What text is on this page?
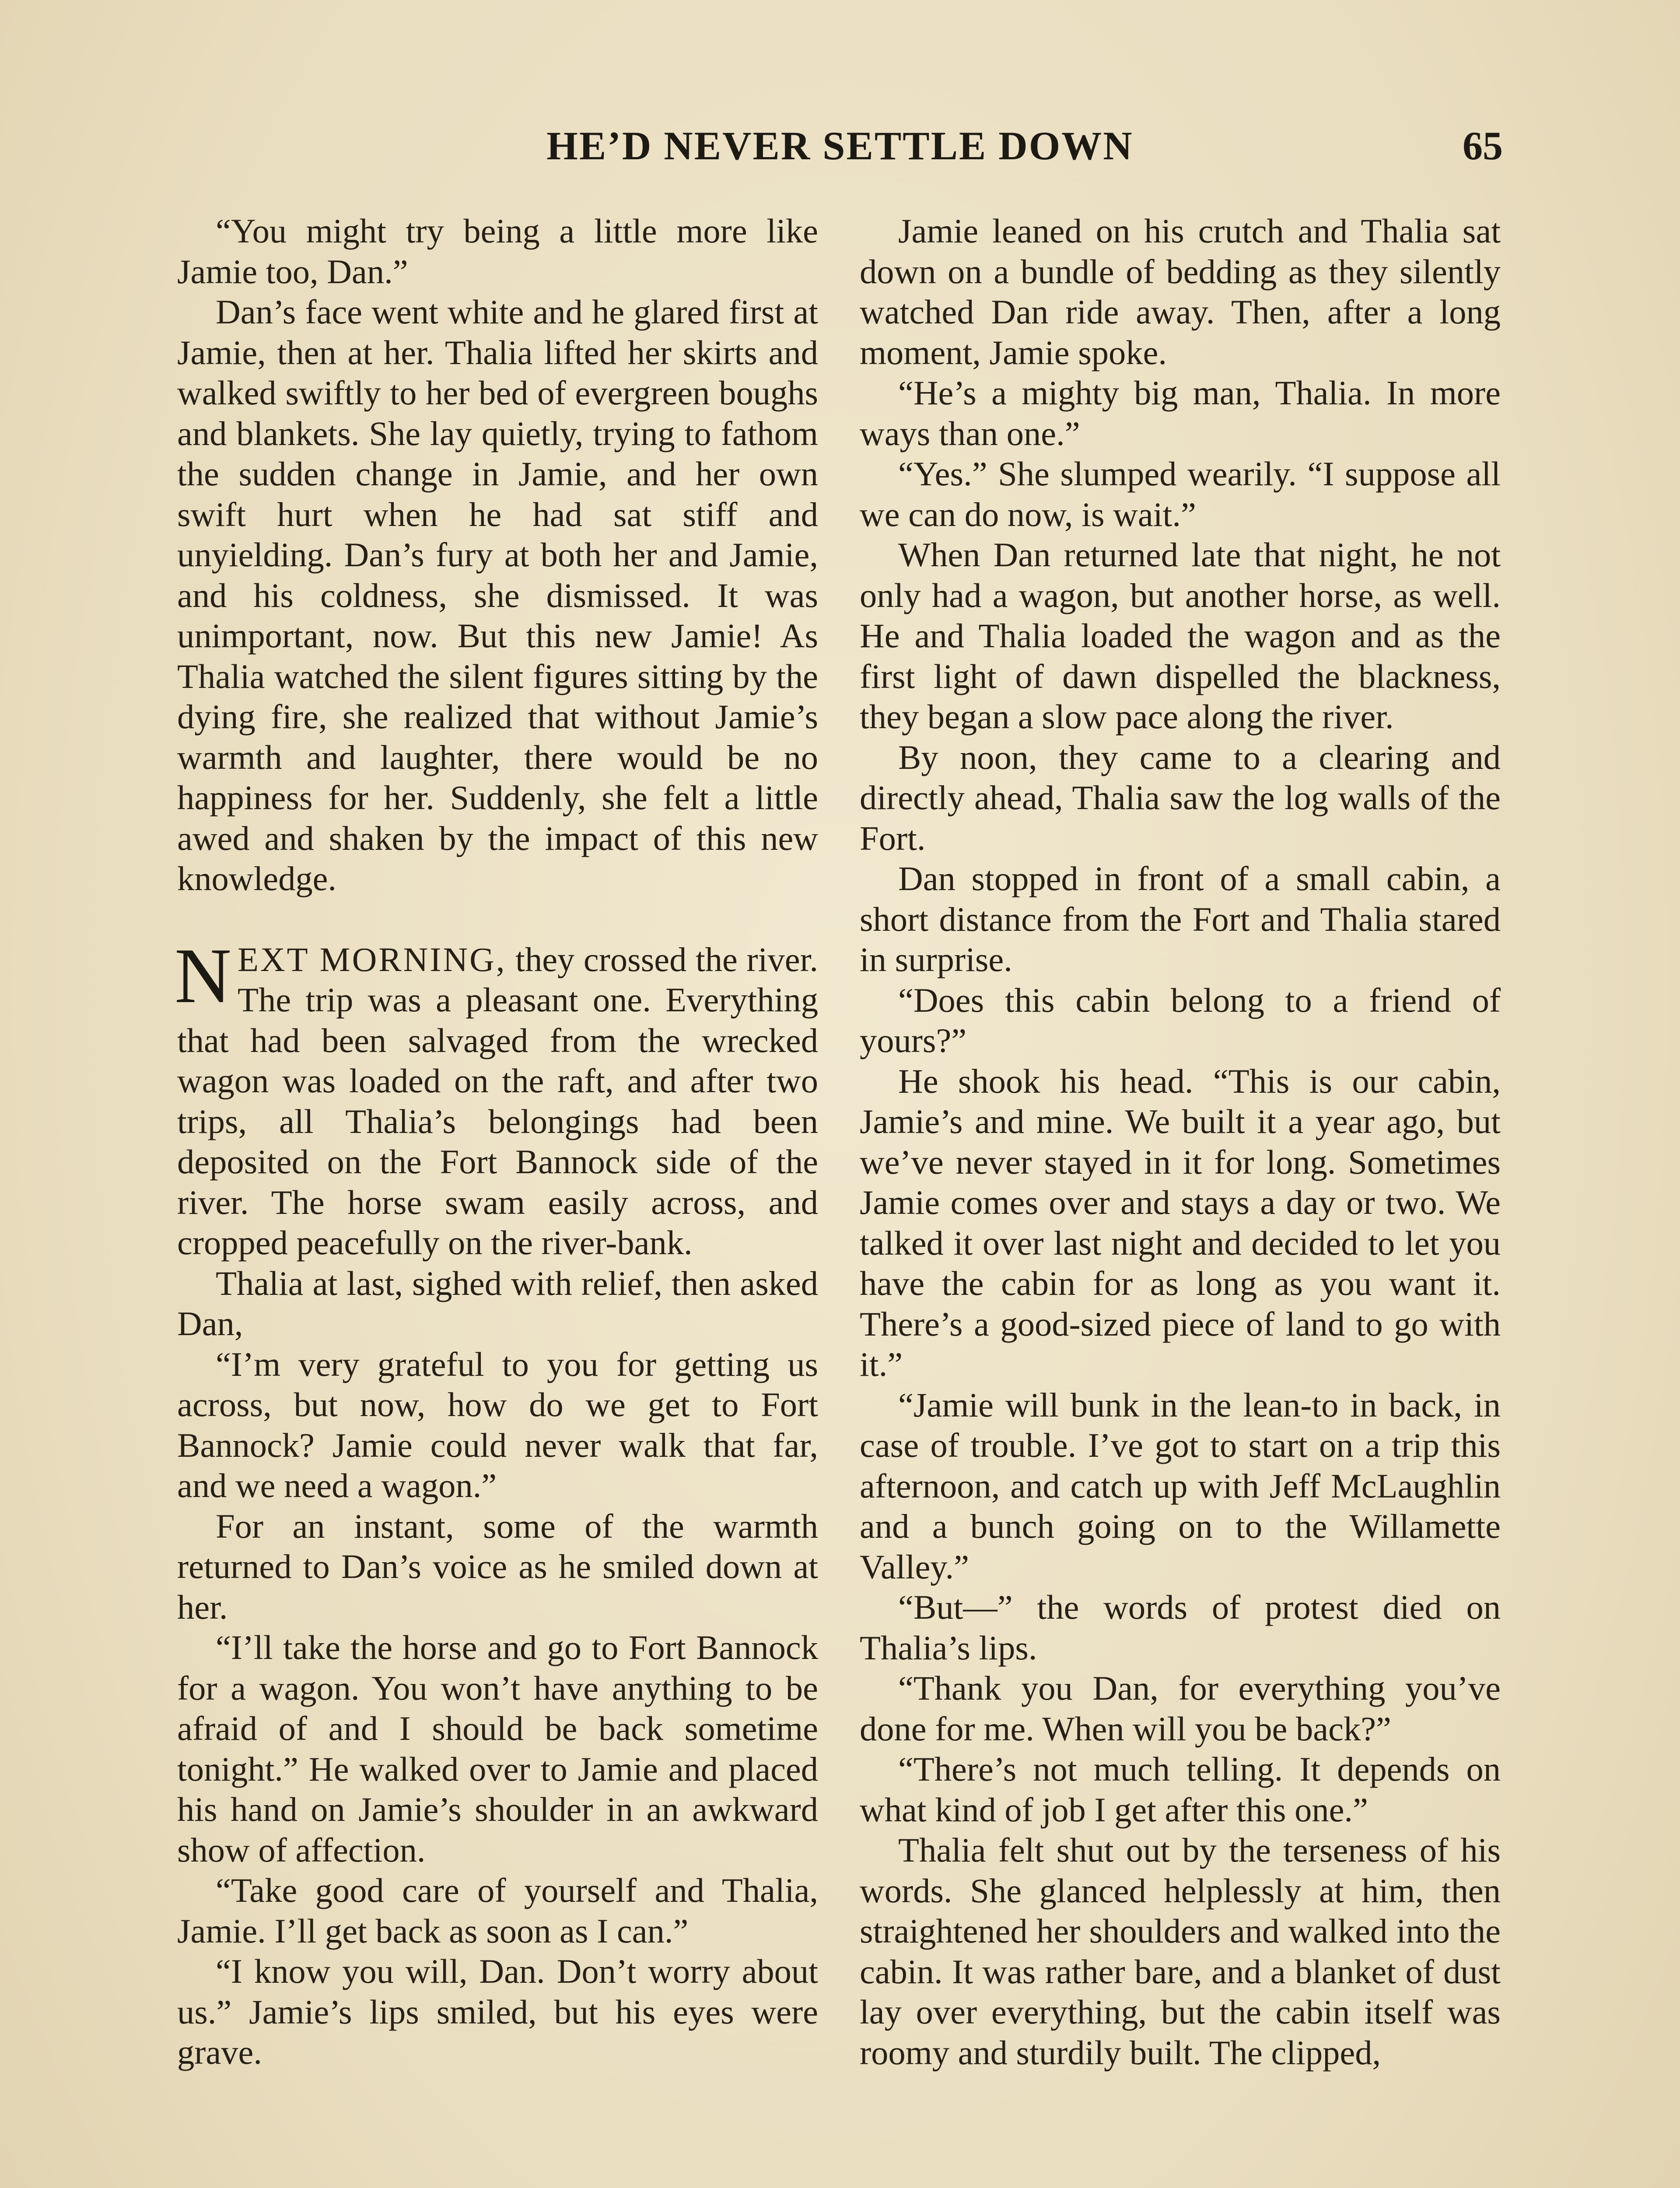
HE’D NEVER SETTLE DOWN	65

“You might try being a little more like Jamie too, Dan.”

Dan’s face went white and he glared first at Jamie, then at her. Thalia lifted her skirts and walked swiftly to her bed of evergreen boughs and blankets. She lay quietly, trying to fathom the sudden change in Jamie, and her own swift hurt when he had sat stiff and unyielding. Dan’s fury at both her and Jamie, and his coldness, she dismissed. It was unimportant, now. But this new Jamie! As Thalia watched the silent figures sitting by the dying fire, she realized that without Jamie’s warmth and laughter, there would be no happiness for her. Suddenly, she felt a little awed and shaken by the impact of this new knowledge.

NEXT MORNING, they crossed the river. The trip was a pleasant one. Everything that had been salvaged from the wrecked wagon was loaded on the raft, and after two trips, all Thalia’s belongings had been deposited on the Fort Bannock side of the river. The horse swam easily across, and cropped peacefully on the river-bank.

Thalia at last, sighed with relief, then asked Dan,

“I’m very grateful to you for getting us across, but now, how do we get to Fort Bannock? Jamie could never walk that far, and we need a wagon.”

For an instant, some of the warmth returned to Dan’s voice as he smiled down at her.

“I’ll take the horse and go to Fort Bannock for a wagon. You won’t have anything to be afraid of and I should be back sometime tonight.” He walked over to Jamie and placed his hand on Jamie’s shoulder in an awkward show of affection.

“Take good care of yourself and Thalia, Jamie. I’ll get back as soon as I can.”

“I know you will, Dan. Don’t worry about us.” Jamie’s lips smiled, but his eyes were grave.

Jamie leaned on his crutch and Thalia sat down on a bundle of bedding as they silently watched Dan ride away. Then, after a long moment, Jamie spoke.

“He’s a mighty big man, Thalia. In more ways than one.”

“Yes.” She slumped wearily. “I suppose all we can do now, is wait.”

When Dan returned late that night, he not only had a wagon, but another horse, as well. He and Thalia loaded the wagon and as the first light of dawn dispelled the blackness, they began a slow pace along the river.

By noon, they came to a clearing and directly ahead, Thalia saw the log walls of the Fort.

Dan stopped in front of a small cabin, a short distance from the Fort and Thalia stared in surprise.

“Does this cabin belong to a friend of yours?”

He shook his head. “This is our cabin, Jamie’s and mine. We built it a year ago, but we’ve never stayed in it for long. Sometimes Jamie comes over and stays a day or two. We talked it over last night and decided to let you have the cabin for as long as you want it. There’s a good-sized piece of land to go with it.”

“Jamie will bunk in the lean-to in back, in case of trouble. I’ve got to start on a trip this afternoon, and catch up with Jeff McLaughlin and a bunch going on to the Willamette Valley.”

“But—” the words of protest died on Thalia’s lips.

“Thank you Dan, for everything you’ve done for me. When will you be back?”

“There’s not much telling. It depends on what kind of job I get after this one.”

Thalia felt shut out by the terseness of his words. She glanced helplessly at him, then straightened her shoulders and walked into the cabin. It was rather bare, and a blanket of dust lay over everything, but the cabin itself was roomy and sturdily built. The clipped,
